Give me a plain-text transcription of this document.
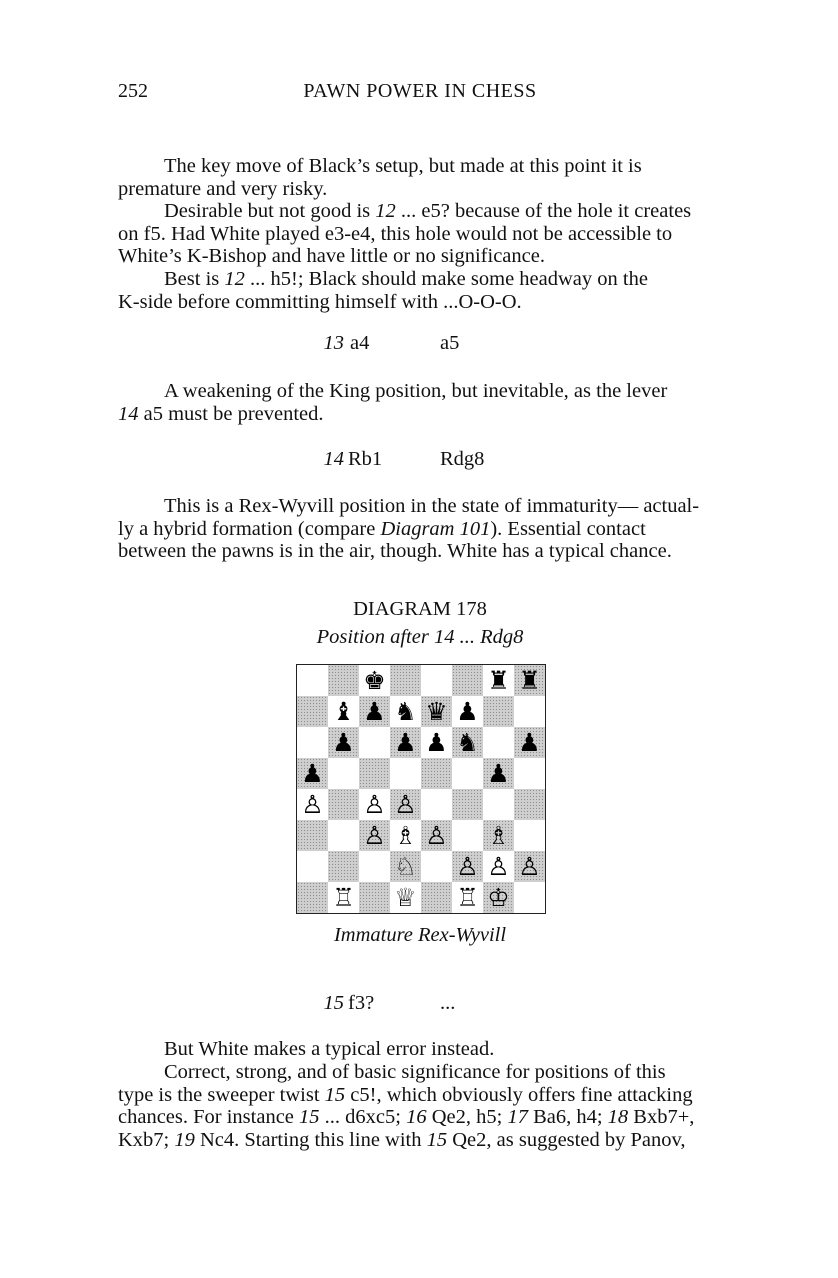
252	PAWN POWER IN CHESS
The key move of Black’s setup, but made at this point it is
premature and very risky.
Desirable but not good is 12 ... e5? because of the hole it creates
on f5. Had White played e3-e4, this hole would not be accessible to
White’s K-Bishop and have little or no significance.
Best is 12 ... h5!; Black should make some headway on the
K-side before committing himself with ...O-O-O.
13 a4	a5
A weakening of the King position, but inevitable, as the lever
14 a5 must be prevented.
14 Rb1	Rdg8
This is a Rex-Wyvill position in the state of immaturity— actual-
ly a hybrid formation (compare Diagram 101). Essential contact
between the pawns is in the air, though. White has a typical chance.
DIAGRAM 178
Position after 14 ... Rdg8
♚	♜ ♜
♝ ♟ ♞ ♛ ♟
♟ ♟ ♟ ♞ ♟
♟	♟
♙ ♙ ♙
♙ ♗ ♙ ♗
♘ ♙ ♙ ♙
♖ ♕ ♖ ♔
Immature Rex-Wyvill
15 f3?	...
But White makes a typical error instead.
Correct, strong, and of basic significance for positions of this
type is the sweeper twist 15 c5!, which obviously offers fine attacking
chances. For instance 15 ... d6xc5; 16 Qe2, h5; 17 Ba6, h4; 18 Bxb7+,
Kxb7; 19 Nc4. Starting this line with 15 Qe2, as suggested by Panov,
